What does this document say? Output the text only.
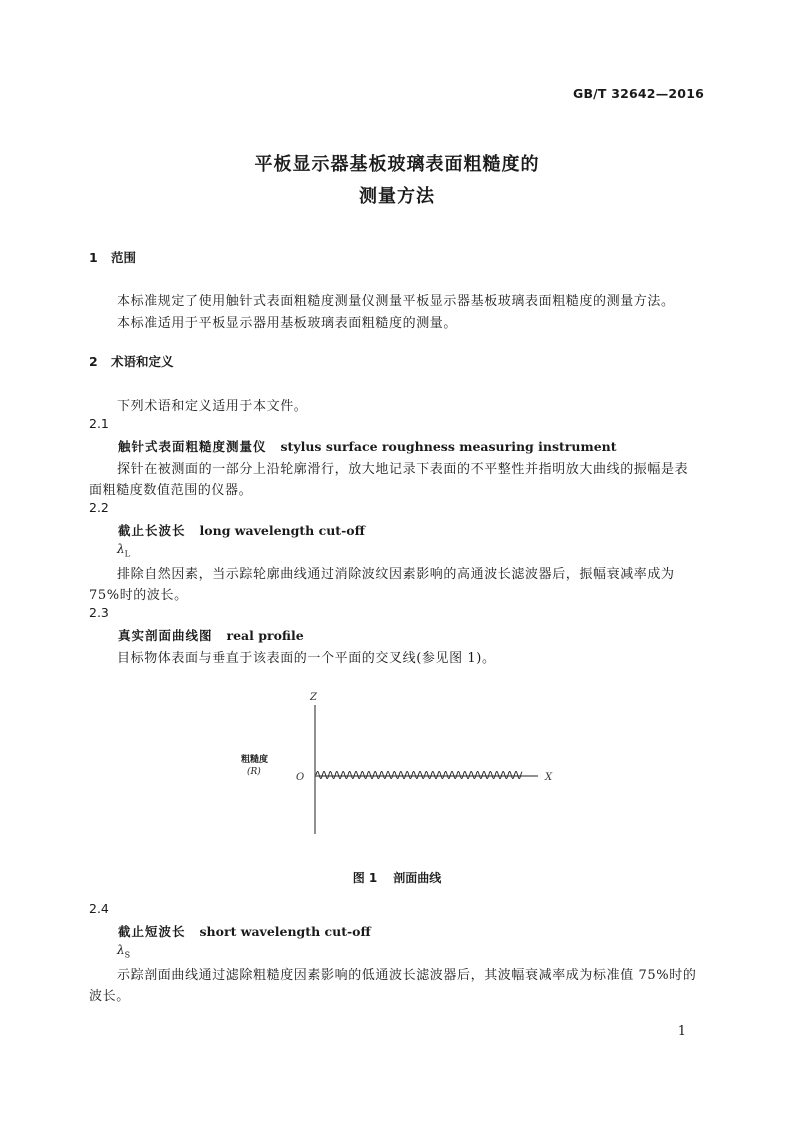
GB/T 32642—2016
平板显示器基板玻璃表面粗糙度的
测量方法
1 范围
本标准规定了使用触针式表面粗糙度测量仪测量平板显示器基板玻璃表面粗糙度的测量方法。
本标准适用于平板显示器用基板玻璃表面粗糙度的测量。
2 术语和定义
下列术语和定义适用于本文件。
2.1
触针式表面粗糙度测量仪 stylus surface roughness measuring instrument
探针在被测面的一部分上沿轮廓滑行，放大地记录下表面的不平整性并指明放大曲线的振幅是表
面粗糙度数值范围的仪器。
2.2
截止长波长 long wavelength cut-off
$\lambda_L$
排除自然因素，当示踪轮廓曲线通过消除波纹因素影响的高通波长滤波器后，振幅衰减率成为
75%时的波长。
2.3
真实剖面曲线图 real profile
目标物体表面与垂直于该表面的一个平面的交叉线(参见图 1)。
Z
X
O
粗糙度
(R)
图 1 剖面曲线
2.4
截止短波长 short wavelength cut-off
$\lambda_S$
示踪剖面曲线通过滤除粗糙度因素影响的低通波长滤波器后，其波幅衰减率成为标准值 75%时的
波长。
1
